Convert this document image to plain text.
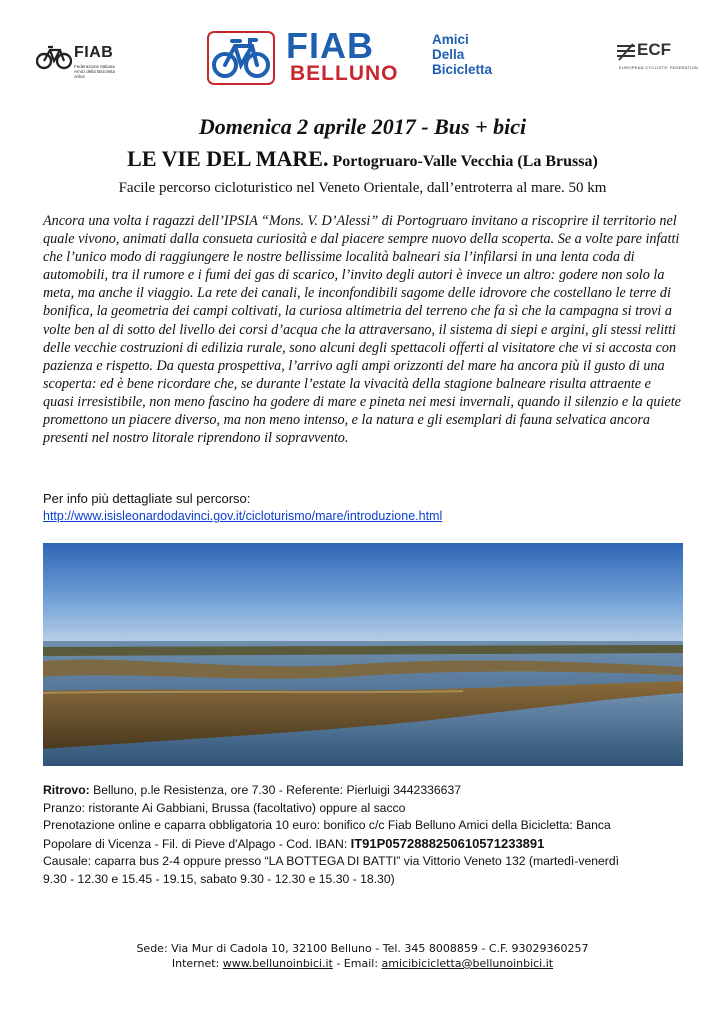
FIAB
Federazione Italiana Amici della Bicicletta onlus
FIAB
BELLUNO
Amici
Della
Bicicletta
ECF
EUROPEAN CYCLISTS' FEDERATION
Domenica 2 aprile 2017 - Bus + bici
LE VIE DEL MARE. Portogruaro-Valle Vecchia (La Brussa)
Facile percorso cicloturistico nel Veneto Orientale, dall’entroterra al mare. 50 km

Ancora una volta i ragazzi dell’IPSIA “Mons. V. D’Alessi” di Portogruaro invitano a riscoprire il territorio nel quale vivono, animati dalla consueta curiosità e dal piacere sempre nuovo della scoperta. Se a volte pare infatti che l’unico modo di raggiungere le nostre bellissime località balneari sia l’infilarsi in una lenta coda di automobili, tra il rumore e i fumi dei gas di scarico, l’invito degli autori è invece un altro: godere non solo la meta, ma anche il viaggio. La rete dei canali, le inconfondibili sagome delle idrovore che costellano le terre di bonifica, la geometria dei campi coltivati, la curiosa altimetria del terreno che fa sì che la campagna si trovi a volte ben al di sotto del livello dei corsi d’acqua che la attraversano, il sistema di siepi e argini, gli stessi relitti delle vecchie costruzioni di edilizia rurale, sono alcuni degli spettacoli offerti al visitatore che vi si accosta con pazienza e rispetto. Da questa prospettiva, l’arrivo agli ampi orizzonti del mare ha ancora più il gusto di una scoperta: ed è bene ricordare che, se durante l’estate la vivacità della stagione balneare risulta attraente e quasi irresistibile, non meno fascino ha godere di mare e pineta nei mesi invernali, quando il silenzio e la quiete promettono un piacere diverso, ma non meno intenso, e la natura e gli esemplari di fauna selvatica ancora presenti nel nostro litorale riprendono il sopravvento.

Per info più dettagliate sul percorso:
http://www.isisleonardodavinci.gov.it/cicloturismo/mare/introduzione.html
Ritrovo: Belluno, p.le Resistenza, ore 7.30 - Referente: Pierluigi 3442336637
Pranzo: ristorante Ai Gabbiani, Brussa (facoltativo) oppure al sacco
Prenotazione online e caparra obbligatoria 10 euro: bonifico c/c Fiab Belluno Amici della Bicicletta: Banca
Popolare di Vicenza - Fil. di Pieve d'Alpago - Cod. IBAN: IT91P0572888250610571233891
Causale: caparra bus 2-4 oppure presso “LA BOTTEGA DI BATTI” via Vittorio Veneto 132 (martedì-venerdì
9.30 - 12.30 e 15.45 - 19.15, sabato 9.30 - 12.30 e 15.30 - 18.30)
Sede: Via Mur di Cadola 10, 32100 Belluno - Tel. 345 8008859 - C.F. 93029360257
Internet: www.bellunoinbici.it - Email: amicibicicletta@bellunoinbici.it
